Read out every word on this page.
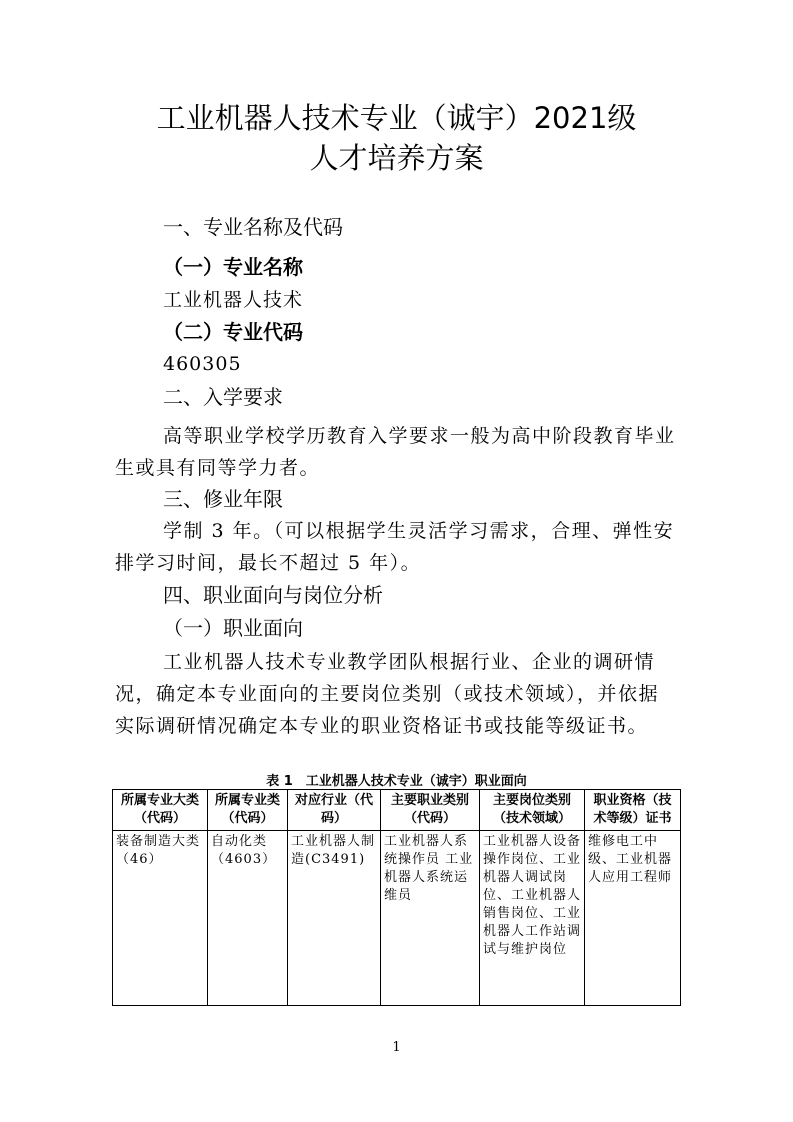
工业机器人技术专业（诚宇）2021级
人才培养方案
一、专业名称及代码
（一）专业名称

工业机器人技术

（二）专业代码

460305

二、入学要求

高等职业学校学历教育入学要求一般为高中阶段教育毕业生或具有同等学力者。

三、修业年限

学制 3 年。（可以根据学生灵活学习需求，合理、弹性安排学习时间，最长不超过 5 年）。

四、职业面向与岗位分析
（一）职业面向

工业机器人技术专业教学团队根据行业、企业的调研情况，确定本专业面向的主要岗位类别（或技术领域），并依据实际调研情况确定本专业的职业资格证书或技能等级证书。

表 1　工业机器人技术专业（诚宇）职业面向
所属专业大类（代码）	所属专业类（代码）	对应行业（代码）	主要职业类别（代码）	主要岗位类别（技术领域）	职业资格（技术等级）证书
装备制造大类（46）	自动化类（4603）	工业机器人制造(C3491)	工业机器人系统操作员 工业机器人系统运维员	工业机器人设备操作岗位、工业机器人调试岗位、工业机器人销售岗位、工业机器人工作站调试与维护岗位	维修电工中级、工业机器人应用工程师
1
